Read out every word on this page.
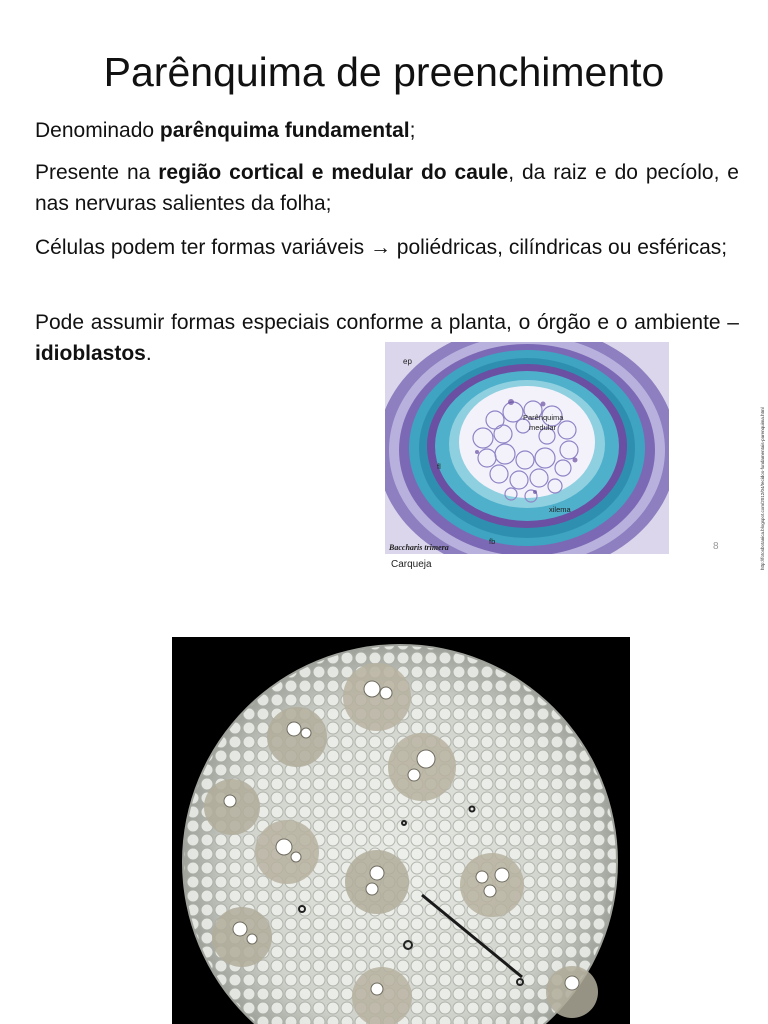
Parênquima de preenchimento
Denominado parênquima fundamental;
Presente na região cortical e medular do caule, da raiz e do pecíolo, e nas nervuras salientes da folha;
Células podem ter formas variáveis → poliédricas, cilíndricas ou esféricas;
Pode assumir formas especiais conforme a planta, o órgão e o ambiente – idioblastos.	ep
Parênquima
medular
fl
xilema
fb
Baccharis trimera
Carqueja
8	http://fotosbotanica.blogspot.com/2012/04/tecidos-fundamentais-parenquima.html
